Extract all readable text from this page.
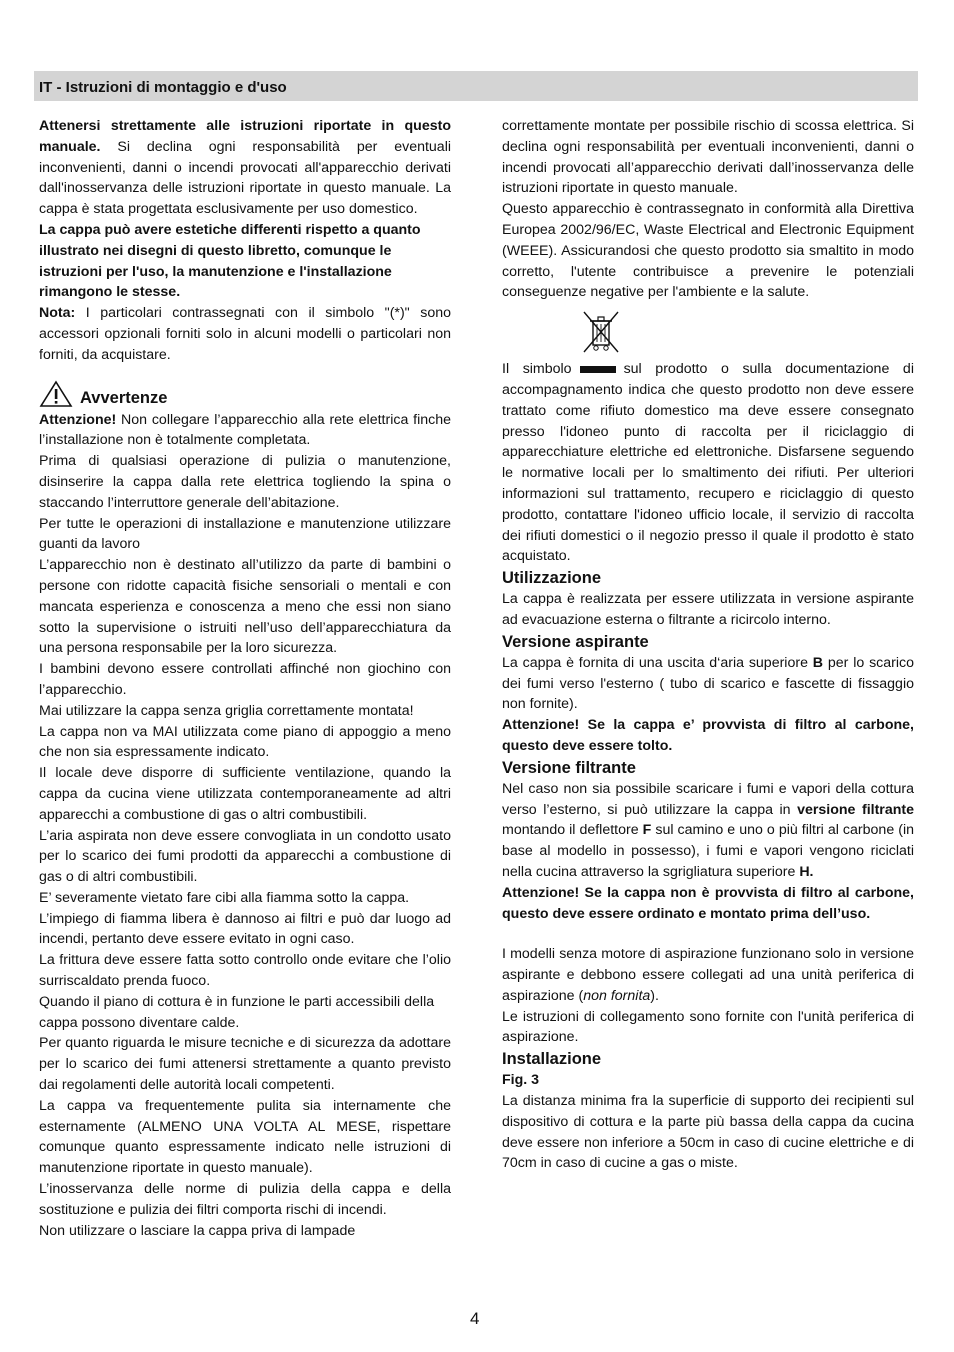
IT - Istruzioni di montaggio e d'uso

Attenersi strettamente alle istruzioni riportate in questo manuale. Si declina ogni responsabilità per eventuali inconvenienti, danni o incendi provocati all'apparecchio derivati dall'inosservanza delle istruzioni riportate in questo manuale. La cappa è stata progettata esclusivamente per uso domestico.

La cappa può avere estetiche differenti rispetto a quanto illustrato nei disegni di questo libretto, comunque le istruzioni per l'uso, la manutenzione e l'installazione rimangono le stesse.

Nota: I particolari contrassegnati con il simbolo "(*)" sono accessori opzionali forniti solo in alcuni modelli o particolari non forniti, da acquistare.

Avvertenze

Attenzione! Non collegare l’apparecchio alla rete elettrica finche l’installazione non è totalmente completata.

Prima di qualsiasi operazione di pulizia o manutenzione, disinserire la cappa dalla rete elettrica togliendo la spina o staccando l’interruttore generale dell’abitazione.

Per tutte le operazioni di installazione e manutenzione utilizzare guanti da lavoro

L’apparecchio non è destinato all’utilizzo da parte di bambini o persone con ridotte capacità fisiche sensoriali o mentali e con mancata esperienza e conoscenza a meno che essi non siano sotto la supervisione o istruiti nell’uso dell’apparecchiatura da una persona responsabile per la loro sicurezza.

I bambini devono essere controllati affinché non giochino con l’apparecchio.

Mai utilizzare la cappa senza griglia correttamente montata!

La cappa non va MAI utilizzata come piano di appoggio a meno che non sia espressamente indicato.

Il locale deve disporre di sufficiente ventilazione, quando la cappa da cucina viene utilizzata contemporaneamente ad altri apparecchi a combustione di gas o altri combustibili.

L’aria aspirata non deve essere convogliata in un condotto usato per lo scarico dei fumi prodotti da apparecchi a combustione di gas o di altri combustibili.

E’ severamente vietato fare cibi alla fiamma sotto la cappa.

L’impiego di fiamma libera è dannoso ai filtri e può dar luogo ad incendi, pertanto deve essere evitato in ogni caso.

La frittura deve essere fatta sotto controllo onde evitare che l’olio surriscaldato prenda fuoco.

Quando il piano di cottura è in funzione le parti accessibili della cappa possono diventare calde.

Per quanto riguarda le misure tecniche e di sicurezza da adottare per lo scarico dei fumi attenersi strettamente a quanto previsto dai regolamenti delle autorità locali competenti.

La cappa va frequentemente pulita sia internamente che esternamente (ALMENO UNA VOLTA AL MESE, rispettare comunque quanto espressamente indicato nelle istruzioni di manutenzione riportate in questo manuale).

L’inosservanza delle norme di pulizia della cappa e della sostituzione e pulizia dei filtri comporta rischi di incendi.

Non utilizzare o lasciare la cappa priva di lampade

correttamente montate per possibile rischio di scossa elettrica. Si declina ogni responsabilità per eventuali inconvenienti, danni o incendi provocati all’apparecchio derivati dall’inosservanza delle istruzioni riportate in questo manuale.

Questo apparecchio è contrassegnato in conformità alla Direttiva Europea 2002/96/EC, Waste Electrical and Electronic Equipment (WEEE). Assicurandosi che questo prodotto sia smaltito in modo corretto, l'utente contribuisce a prevenire le potenziali conseguenze negative per l'ambiente e la salute.

Il simbolo	sul prodotto o sulla documentazione di accompagnamento indica che questo prodotto non deve essere trattato come rifiuto domestico ma deve essere consegnato presso l'idoneo punto di raccolta per il riciclaggio di apparecchiature elettriche ed elettroniche. Disfarsene seguendo le normative locali per lo smaltimento dei rifiuti. Per ulteriori informazioni sul trattamento, recupero e riciclaggio di questo prodotto, contattare l'idoneo ufficio locale, il servizio di raccolta dei rifiuti domestici o il negozio presso il quale il prodotto è stato acquistato.

Utilizzazione

La cappa è realizzata per essere utilizzata in versione aspirante ad evacuazione esterna o filtrante a ricircolo interno.

Versione aspirante

La cappa è fornita di una uscita d‘aria superiore B per lo scarico dei fumi verso l'esterno ( tubo di scarico e fascette di fissaggio non fornite).

Attenzione! Se la cappa e’ provvista di filtro al carbone, questo deve essere tolto.

Versione filtrante

Nel caso non sia possibile scaricare i fumi e vapori della cottura verso l’esterno, si può utilizzare la cappa in versione filtrante montando il deflettore F sul camino e uno o più filtri al carbone (in base al modello in possesso), i fumi e vapori vengono riciclati nella cucina attraverso la sgrigliatura superiore H.

Attenzione! Se la cappa non è provvista di filtro al carbone, questo deve essere ordinato e montato prima dell’uso.

I modelli senza motore di aspirazione funzionano solo in versione aspirante e debbono essere collegati ad una unità periferica di aspirazione (non fornita).

Le istruzioni di collegamento sono fornite con l'unità periferica di aspirazione.

Installazione

Fig. 3

La distanza minima fra la superficie di supporto dei recipienti sul dispositivo di cottura e la parte più bassa della cappa da cucina deve essere non inferiore a 50cm in caso di cucine elettriche e di 70cm in caso di cucine a gas o miste.

4
